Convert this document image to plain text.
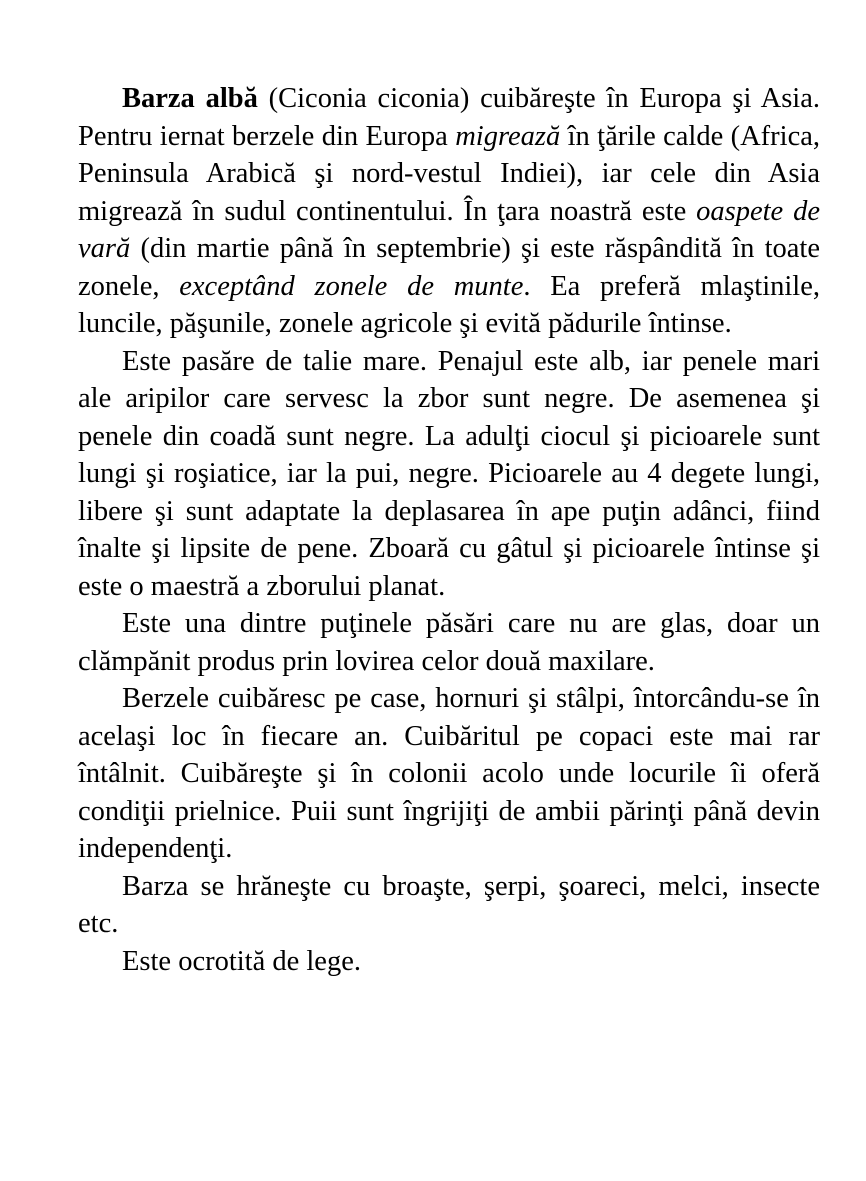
Barza albă (Ciconia ciconia) cuibăreşte în Europa şi Asia. Pentru iernat berzele din Europa migrează în ţările calde (Africa, Peninsula Arabică şi nord-vestul Indiei), iar cele din Asia migrează în sudul continentului. În ţara noastră este oaspete de vară (din martie până în septembrie) şi este răspândită în toate zonele, exceptând zonele de munte. Ea preferă mlaştinile, luncile, păşunile, zonele agricole şi evită pădurile întinse.

Este pasăre de talie mare. Penajul este alb, iar penele mari ale aripilor care servesc la zbor sunt negre. De asemenea şi penele din coadă sunt negre. La adulţi ciocul şi picioarele sunt lungi şi roşiatice, iar la pui, negre. Picioarele au 4 degete lungi, libere şi sunt adaptate la deplasarea în ape puţin adânci, fiind înalte şi lipsite de pene. Zboară cu gâtul şi picioarele întinse şi este o maestră a zborului planat.

Este una dintre puţinele păsări care nu are glas, doar un clămpănit produs prin lovirea celor două maxilare.

Berzele cuibăresc pe case, hornuri şi stâlpi, întorcându-se în acelaşi loc în fiecare an. Cuibăritul pe copaci este mai rar întâlnit. Cuibăreşte şi în colonii acolo unde locurile îi oferă condiţii prielnice. Puii sunt îngrijiţi de ambii părinţi până devin independenţi.

Barza se hrăneşte cu broaşte, şerpi, şoareci, melci, insecte etc.

Este ocrotită de lege.
